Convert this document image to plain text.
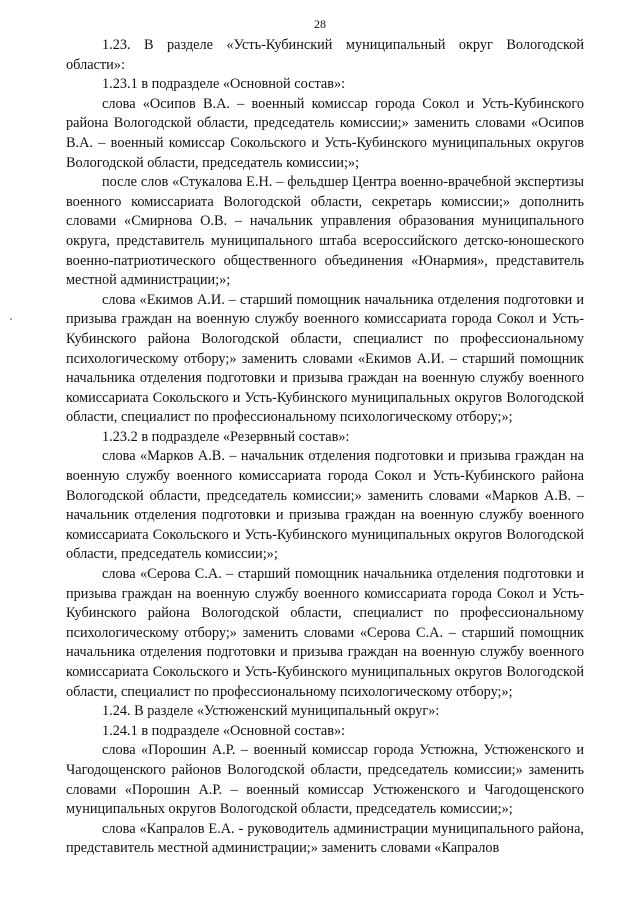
28

1.23. В разделе «Усть-Кубинский муниципальный округ Вологодской области»:

1.23.1 в подразделе «Основной состав»:

слова «Осипов В.А. – военный комиссар города Сокол и Усть-Кубинского района Вологодской области, председатель комиссии;» заменить словами «Осипов В.А. – военный комиссар Сокольского и Усть-Кубинского муниципальных округов Вологодской области, председатель комиссии;»;

после слов «Стукалова Е.Н. – фельдшер Центра военно-врачебной экспертизы военного комиссариата Вологодской области, секретарь комиссии;» дополнить словами «Смирнова О.В. – начальник управления образования муниципального округа, представитель муниципального штаба всероссийского детско-юношеского военно-патриотического общественного объединения «Юнармия», представитель местной администрации;»;

слова «Екимов А.И. – старший помощник начальника отделения подготовки и призыва граждан на военную службу военного комиссариата города Сокол и Усть-Кубинского района Вологодской области, специалист по профессиональному психологическому отбору;» заменить словами «Екимов А.И. – старший помощник начальника отделения подготовки и призыва граждан на военную службу военного комиссариата Сокольского и Усть-Кубинского муниципальных округов Вологодской области, специалист по профессиональному психологическому отбору;»;

1.23.2 в подразделе «Резервный состав»:

слова «Марков А.В. – начальник отделения подготовки и призыва граждан на военную службу военного комиссариата города Сокол и Усть-Кубинского района Вологодской области, председатель комиссии;» заменить словами «Марков А.В. – начальник отделения подготовки и призыва граждан на военную службу военного комиссариата Сокольского и Усть-Кубинского муниципальных округов Вологодской области, председатель комиссии;»;

слова «Серова С.А. – старший помощник начальника отделения подготовки и призыва граждан на военную службу военного комиссариата города Сокол и Усть-Кубинского района Вологодской области, специалист по профессиональному психологическому отбору;» заменить словами «Серова С.А. – старший помощник начальника отделения подготовки и призыва граждан на военную службу военного комиссариата Сокольского и Усть-Кубинского муниципальных округов Вологодской области, специалист по профессиональному психологическому отбору;»;

1.24. В разделе «Устюженский муниципальный округ»:

1.24.1 в подразделе «Основной состав»:

слова «Порошин А.Р. – военный комиссар города Устюжна, Устюженского и Чагодощенского районов Вологодской области, председатель комиссии;» заменить словами «Порошин А.Р. – военный комиссар Устюженского и Чагодощенского муниципальных округов Вологодской области, председатель комиссии;»;

слова «Капралов Е.А. - руководитель администрации муниципального района, представитель местной администрации;» заменить словами «Капралов
